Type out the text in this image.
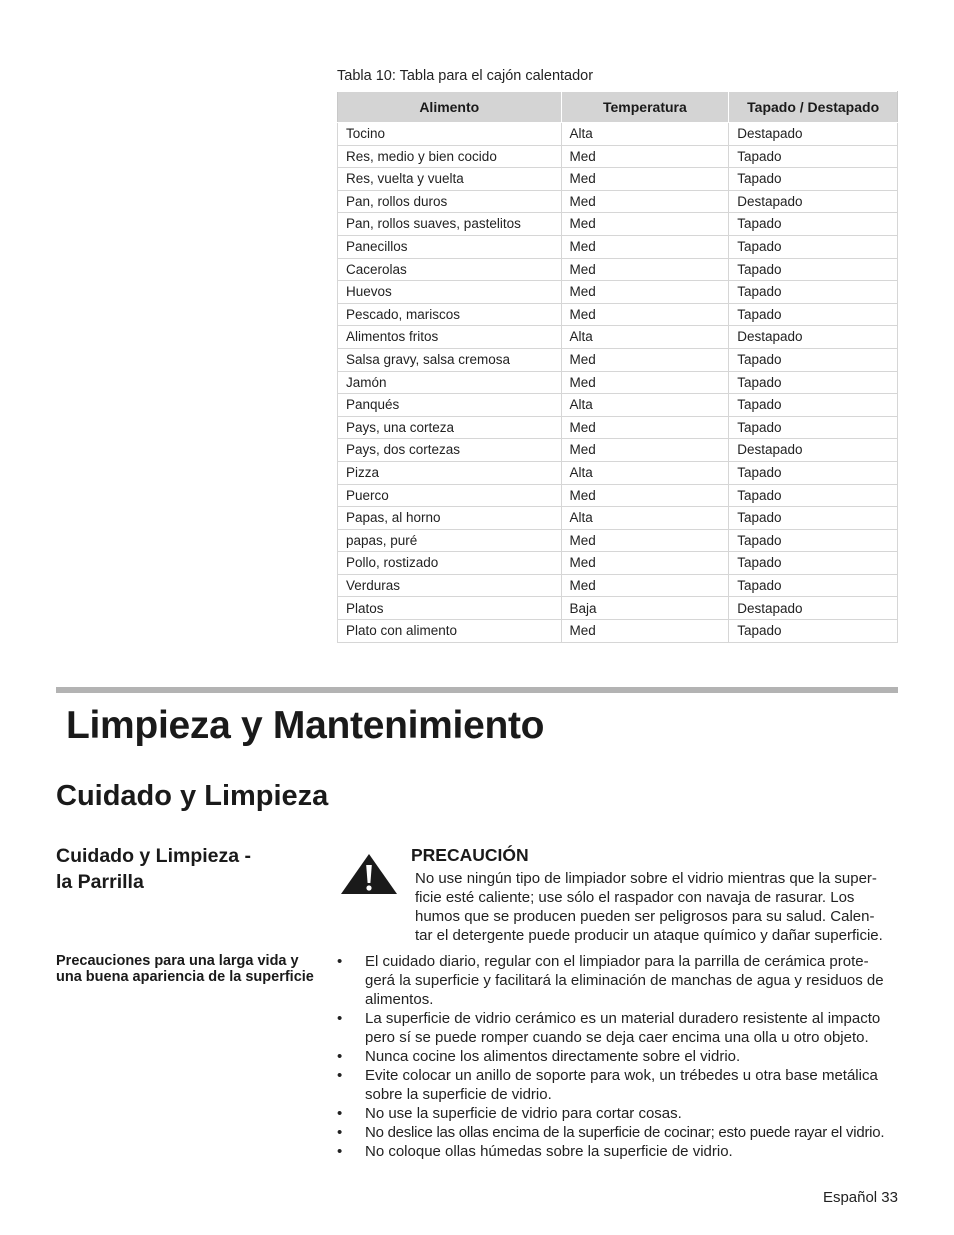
Tabla 10: Tabla para el cajón calentador
Alimento	Temperatura	Tapado / Destapado
Tocino	Alta	Destapado
Res, medio y bien cocido	Med	Tapado
Res, vuelta y vuelta	Med	Tapado
Pan, rollos duros	Med	Destapado
Pan, rollos suaves, pastelitos	Med	Tapado
Panecillos	Med	Tapado
Cacerolas	Med	Tapado
Huevos	Med	Tapado
Pescado, mariscos	Med	Tapado
Alimentos fritos	Alta	Destapado
Salsa gravy, salsa cremosa	Med	Tapado
Jamón	Med	Tapado
Panqués	Alta	Tapado
Pays, una corteza	Med	Tapado
Pays, dos cortezas	Med	Destapado
Pizza	Alta	Tapado
Puerco	Med	Tapado
Papas, al horno	Alta	Tapado
papas, puré	Med	Tapado
Pollo, rostizado	Med	Tapado
Verduras	Med	Tapado
Platos	Baja	Destapado
Plato con alimento	Med	Tapado
Limpieza y Mantenimiento
Cuidado y Limpieza
Cuidado y Limpieza -
la Parrilla
PRECAUCIÓN
No use ningún tipo de limpiador sobre el vidrio mientras que la super-
ficie esté caliente; use sólo el raspador con navaja de rasurar. Los
humos que se producen pueden ser peligrosos para su salud. Calen-
tar el detergente puede producir un ataque químico y dañar superficie.
Precauciones para una larga vida y una buena apariencia de la superficie
• El cuidado diario, regular con el limpiador para la parrilla de cerámica prote-
gerá la superficie y facilitará la eliminación de manchas de agua y residuos de
alimentos.
• La superficie de vidrio cerámico es un material duradero resistente al impacto
pero sí se puede romper cuando se deja caer encima una olla u otro objeto.
• Nunca cocine los alimentos directamente sobre el vidrio.
• Evite colocar un anillo de soporte para wok, un trébedes u otra base metálica
sobre la superficie de vidrio.
• No use la superficie de vidrio para cortar cosas.
• No deslice las ollas encima de la superficie de cocinar; esto puede rayar el vidrio.
• No coloque ollas húmedas sobre la superficie de vidrio.
Español 33
